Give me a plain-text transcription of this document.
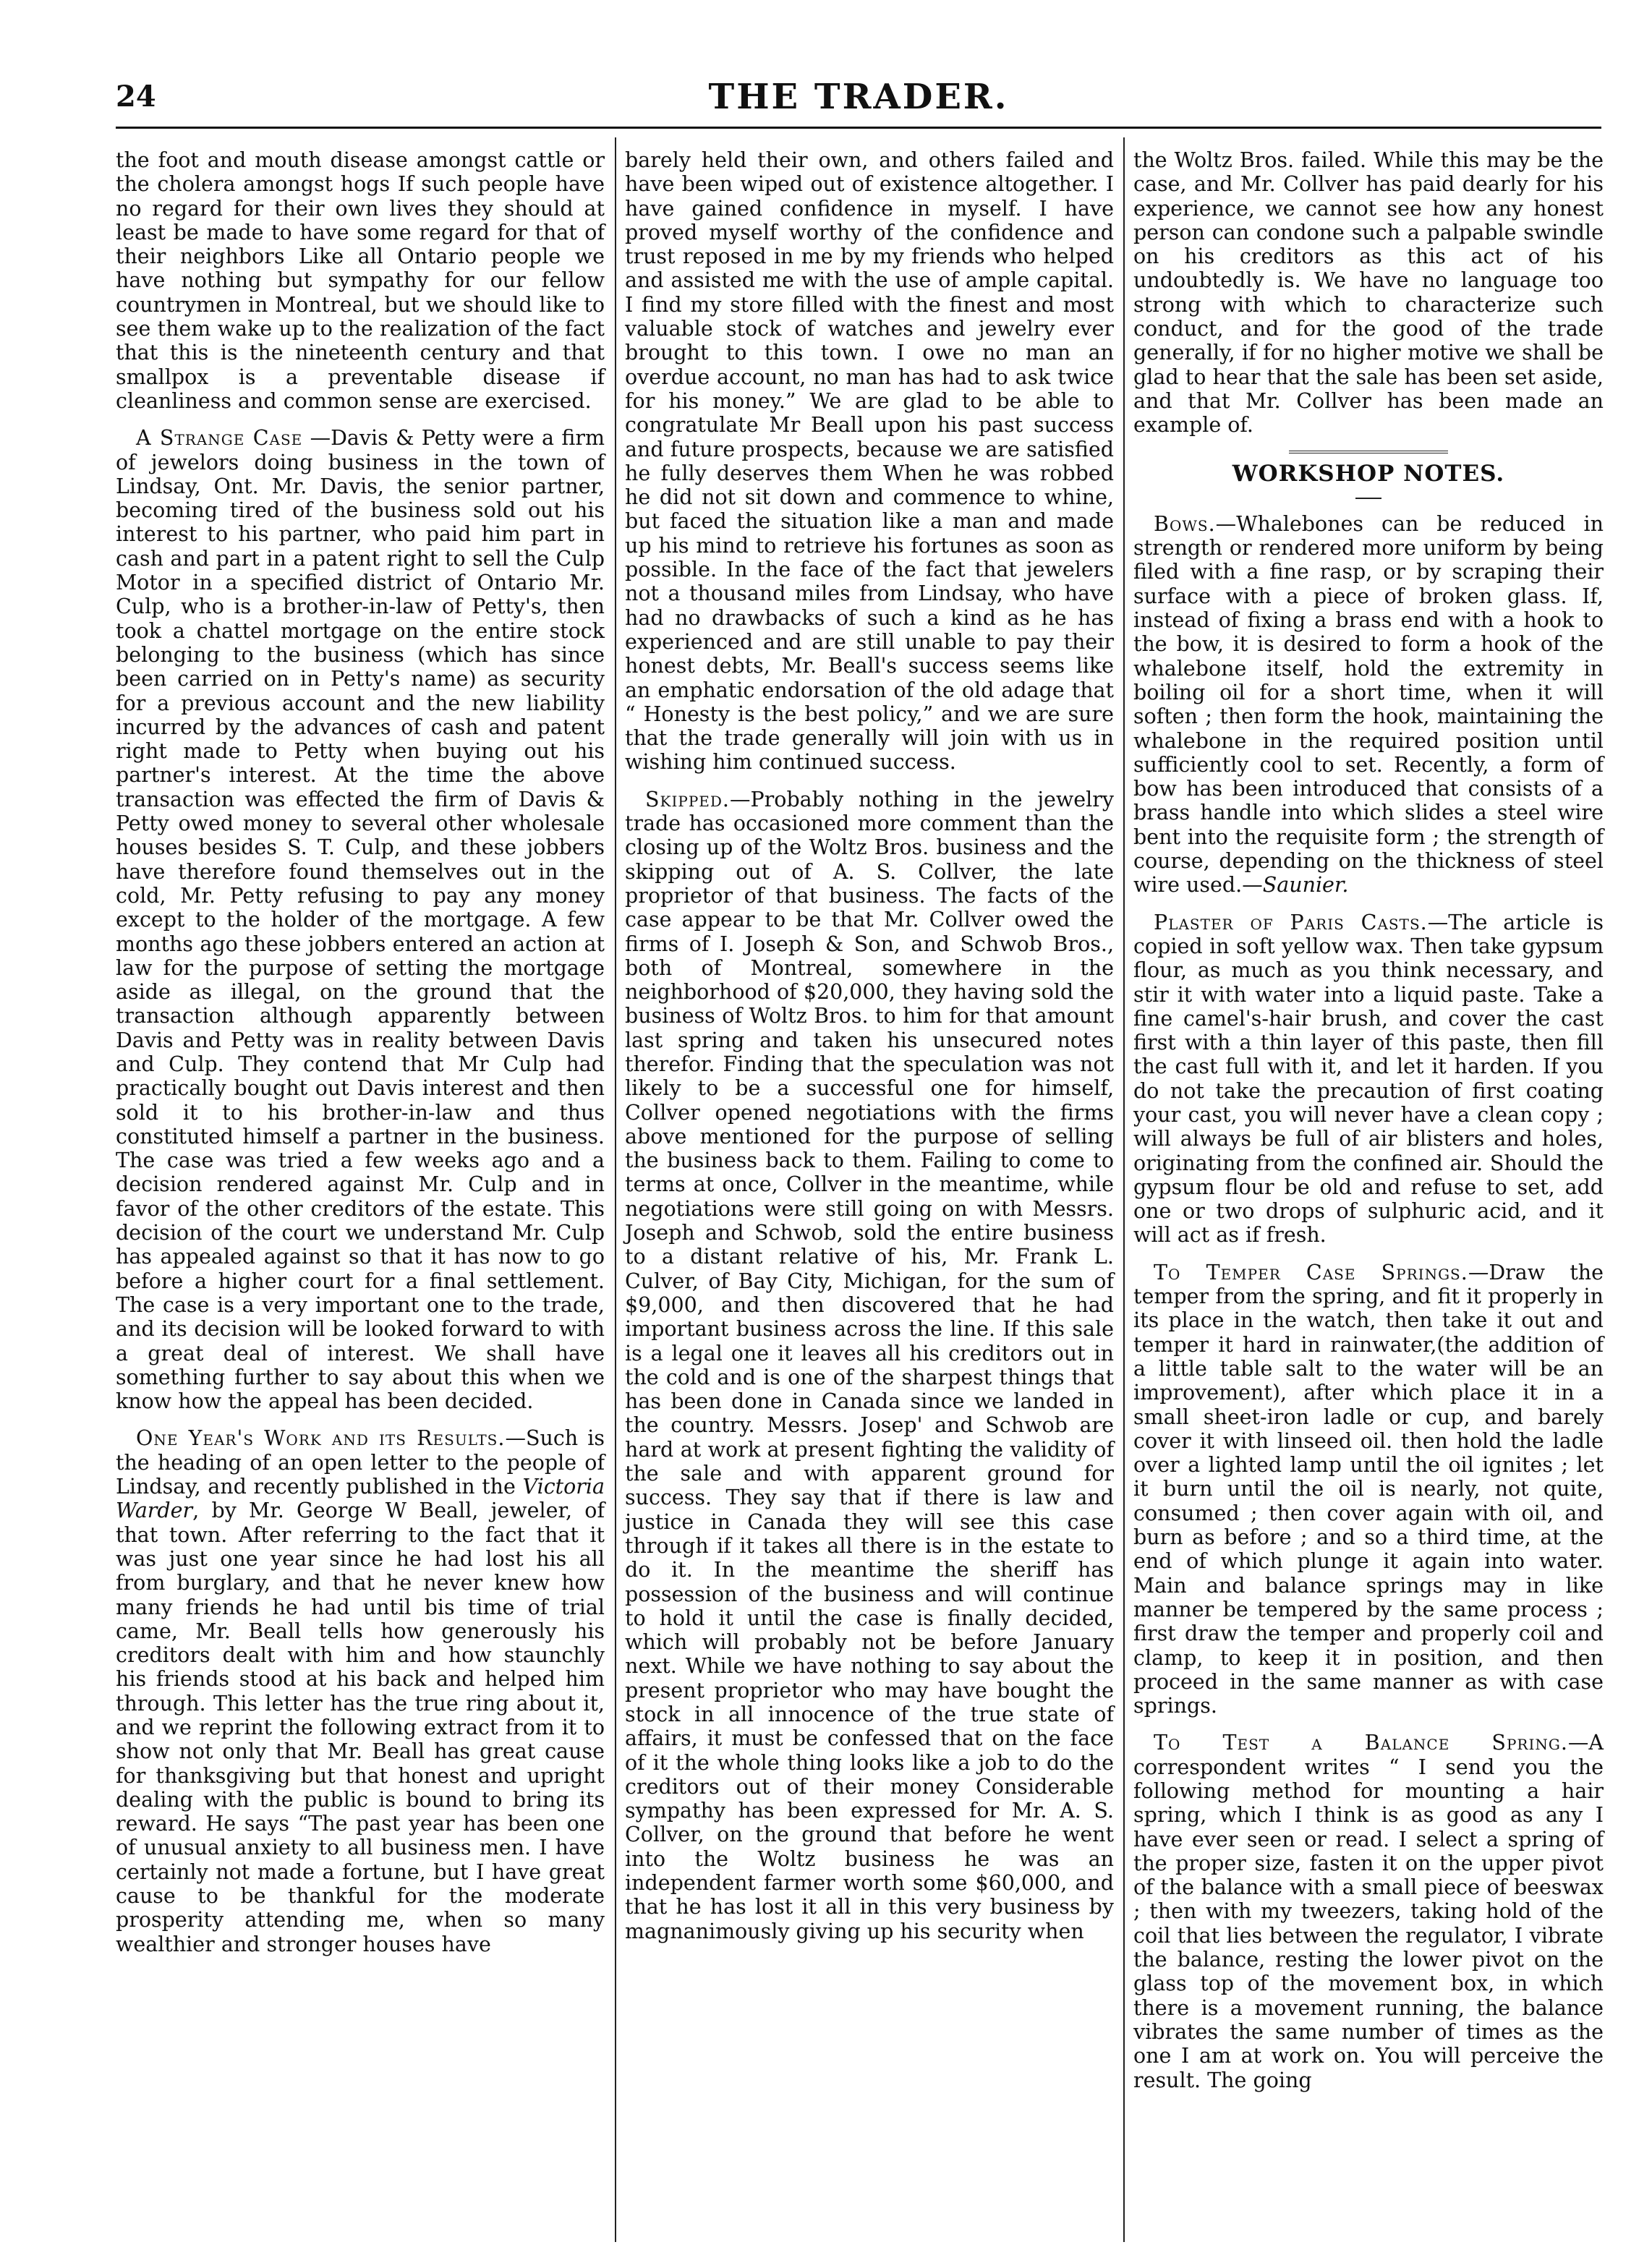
24	THE TRADER.

the foot and mouth disease amongst cattle or the cholera amongst hogs If such people have no regard for their own lives they should at least be made to have some regard for that of their neighbors Like all Ontario people we have nothing but sympathy for our fellow countrymen in Montreal, but we should like to see them wake up to the realization of the fact that this is the nineteenth century and that smallpox is a preventable disease if cleanliness and common sense are exercised.

A Strange Case —Davis & Petty were a firm of jewelors doing business in the town of Lindsay, Ont. Mr. Davis, the senior partner, becoming tired of the business sold out his interest to his partner, who paid him part in cash and part in a patent right to sell the Culp Motor in a specified district of Ontario Mr. Culp, who is a brother-in-law of Petty's, then took a chattel mortgage on the entire stock belonging to the business (which has since been carried on in Petty's name) as security for a previous account and the new liability incurred by the advances of cash and patent right made to Petty when buying out his partner's interest. At the time the above transaction was effected the firm of Davis & Petty owed money to several other wholesale houses besides S. T. Culp, and these jobbers have therefore found themselves out in the cold, Mr. Petty refusing to pay any money except to the holder of the mortgage. A few months ago these jobbers entered an action at law for the purpose of setting the mortgage aside as illegal, on the ground that the transaction although apparently between Davis and Petty was in reality between Davis and Culp. They contend that Mr Culp had practically bought out Davis interest and then sold it to his brother-in-law and thus constituted himself a partner in the business. The case was tried a few weeks ago and a decision rendered against Mr. Culp and in favor of the other creditors of the estate. This decision of the court we understand Mr. Culp has appealed against so that it has now to go before a higher court for a final settlement. The case is a very important one to the trade, and its decision will be looked forward to with a great deal of interest. We shall have something further to say about this when we know how the appeal has been decided.

One Year's Work and its Results.—Such is the heading of an open letter to the people of Lindsay, and recently published in the Victoria Warder, by Mr. George W Beall, jeweler, of that town. After referring to the fact that it was just one year since he had lost his all from burglary, and that he never knew how many friends he had until bis time of trial came, Mr. Beall tells how generously his creditors dealt with him and how staunchly his friends stood at his back and helped him through. This letter has the true ring about it, and we reprint the following extract from it to show not only that Mr. Beall has great cause for thanksgiving but that honest and upright dealing with the public is bound to bring its reward. He says “The past year has been one of unusual anxiety to all business men. I have certainly not made a fortune, but I have great cause to be thankful for the moderate prosperity attending me, when so many wealthier and stronger houses have

barely held their own, and others failed and have been wiped out of existence altogether. I have gained confidence in myself. I have proved myself worthy of the confidence and trust reposed in me by my friends who helped and assisted me with the use of ample capital. I find my store filled with the finest and most valuable stock of watches and jewelry ever brought to this town. I owe no man an overdue account, no man has had to ask twice for his money.” We are glad to be able to congratulate Mr Beall upon his past success and future prospects, because we are satisfied he fully deserves them When he was robbed he did not sit down and commence to whine, but faced the situation like a man and made up his mind to retrieve his fortunes as soon as possible. In the face of the fact that jewelers not a thousand miles from Lindsay, who have had no drawbacks of such a kind as he has experienced and are still unable to pay their honest debts, Mr. Beall's success seems like an emphatic endorsation of the old adage that “ Honesty is the best policy,” and we are sure that the trade generally will join with us in wishing him continued success.

Skipped.—Probably nothing in the jewelry trade has occasioned more comment than the closing up of the Woltz Bros. business and the skipping out of A. S. Collver, the late proprietor of that business. The facts of the case appear to be that Mr. Collver owed the firms of I. Joseph & Son, and Schwob Bros., both of Montreal, somewhere in the neighborhood of $20,000, they having sold the business of Woltz Bros. to him for that amount last spring and taken his unsecured notes therefor. Finding that the speculation was not likely to be a successful one for himself, Collver opened negotiations with the firms above mentioned for the purpose of selling the business back to them. Failing to come to terms at once, Collver in the meantime, while negotiations were still going on with Messrs. Joseph and Schwob, sold the entire business to a distant relative of his, Mr. Frank L. Culver, of Bay City, Michigan, for the sum of $9,000, and then discovered that he had important business across the line. If this sale is a legal one it leaves all his creditors out in the cold and is one of the sharpest things that has been done in Canada since we landed in the country. Messrs. Josep' and Schwob are hard at work at present fighting the validity of the sale and with apparent ground for success. They say that if there is law and justice in Canada they will see this case through if it takes all there is in the estate to do it. In the meantime the sheriff has possession of the business and will continue to hold it until the case is finally decided, which will probably not be before January next. While we have nothing to say about the present proprietor who may have bought the stock in all innocence of the true state of affairs, it must be confessed that on the face of it the whole thing looks like a job to do the creditors out of their money Considerable sympathy has been expressed for Mr. A. S. Collver, on the ground that before he went into the Woltz business he was an independent farmer worth some $60,000, and that he has lost it all in this very business by magnanimously giving up his security when

the Woltz Bros. failed. While this may be the case, and Mr. Collver has paid dearly for his experience, we cannot see how any honest person can condone such a palpable swindle on his creditors as this act of his undoubtedly is. We have no language too strong with which to characterize such conduct, and for the good of the trade generally, if for no higher motive we shall be glad to hear that the sale has been set aside, and that Mr. Collver has been made an example of.

WORKSHOP NOTES.

Bows.—Whalebones can be reduced in strength or rendered more uniform by being filed with a fine rasp, or by scraping their surface with a piece of broken glass. If, instead of fixing a brass end with a hook to the bow, it is desired to form a hook of the whalebone itself, hold the extremity in boiling oil for a short time, when it will soften ; then form the hook, maintaining the whalebone in the required position until sufficiently cool to set. Recently, a form of bow has been introduced that consists of a brass handle into which slides a steel wire bent into the requisite form ; the strength of course, depending on the thickness of steel wire used.—Saunier.

Plaster of Paris Casts.—The article is copied in soft yellow wax. Then take gypsum flour, as much as you think necessary, and stir it with water into a liquid paste. Take a fine camel's-hair brush, and cover the cast first with a thin layer of this paste, then fill the cast full with it, and let it harden. If you do not take the precaution of first coating your cast, you will never have a clean copy ; will always be full of air blisters and holes, originating from the confined air. Should the gypsum flour be old and refuse to set, add one or two drops of sulphuric acid, and it will act as if fresh.

To Temper Case Springs.—Draw the temper from the spring, and fit it properly in its place in the watch, then take it out and temper it hard in rainwater,(the addition of a little table salt to the water will be an improvement), after which place it in a small sheet-iron ladle or cup, and barely cover it with linseed oil. then hold the ladle over a lighted lamp until the oil ignites ; let it burn until the oil is nearly, not quite, consumed ; then cover again with oil, and burn as before ; and so a third time, at the end of which plunge it again into water. Main and balance springs may in like manner be tempered by the same process ; first draw the temper and properly coil and clamp, to keep it in position, and then proceed in the same manner as with case springs.

To Test a Balance Spring.—A correspondent writes “ I send you the following method for mounting a hair spring, which I think is as good as any I have ever seen or read. I select a spring of the proper size, fasten it on the upper pivot of the balance with a small piece of beeswax ; then with my tweezers, taking hold of the coil that lies between the regulator, I vibrate the balance, resting the lower pivot on the glass top of the movement box, in which there is a movement running, the balance vibrates the same number of times as the one I am at work on. You will perceive the result. The going
